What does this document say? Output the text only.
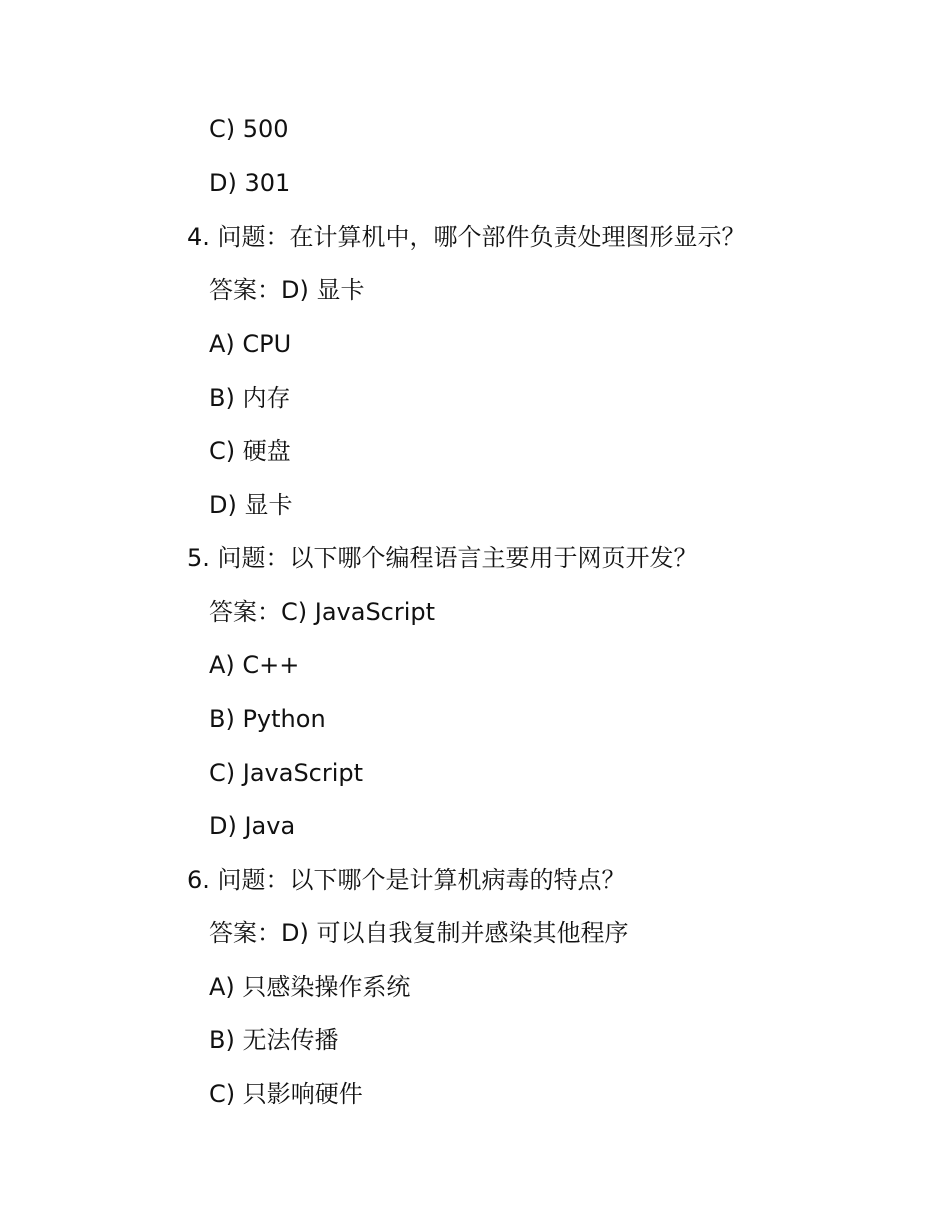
C) 500
D) 301
4. 问题：在计算机中，哪个部件负责处理图形显示？
答案：D) 显卡
A) CPU
B) 内存
C) 硬盘
D) 显卡
5. 问题：以下哪个编程语言主要用于网页开发？
答案：C) JavaScript
A) C++
B) Python
C) JavaScript
D) Java
6. 问题：以下哪个是计算机病毒的特点？
答案：D) 可以自我复制并感染其他程序
A) 只感染操作系统
B) 无法传播
C) 只影响硬件
